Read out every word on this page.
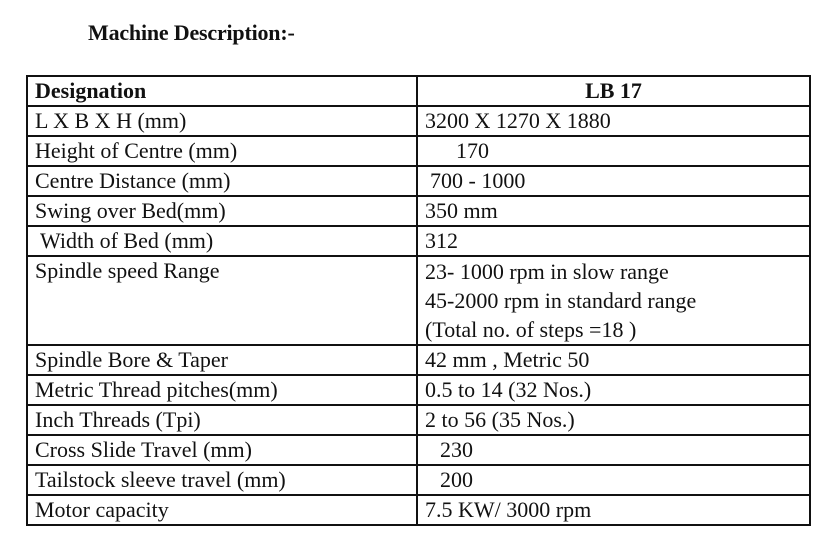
Machine Description:-
Designation	LB 17
L X B X H (mm)	3200 X 1270 X 1880
Height of Centre (mm)	170
Centre Distance (mm)	700 - 1000
Swing over Bed(mm)	350 mm
Width of Bed (mm)	312
Spindle speed Range	23- 1000 rpm in slow range
45-2000 rpm in standard range
(Total no. of steps =18 )

Spindle Bore & Taper	42 mm , Metric 50
Metric Thread pitches(mm)	0.5 to 14 (32 Nos.)
Inch Threads (Tpi)	2 to 56 (35 Nos.)
Cross Slide Travel (mm)	230
Tailstock sleeve travel (mm)	200
Motor capacity	7.5 KW/ 3000 rpm
